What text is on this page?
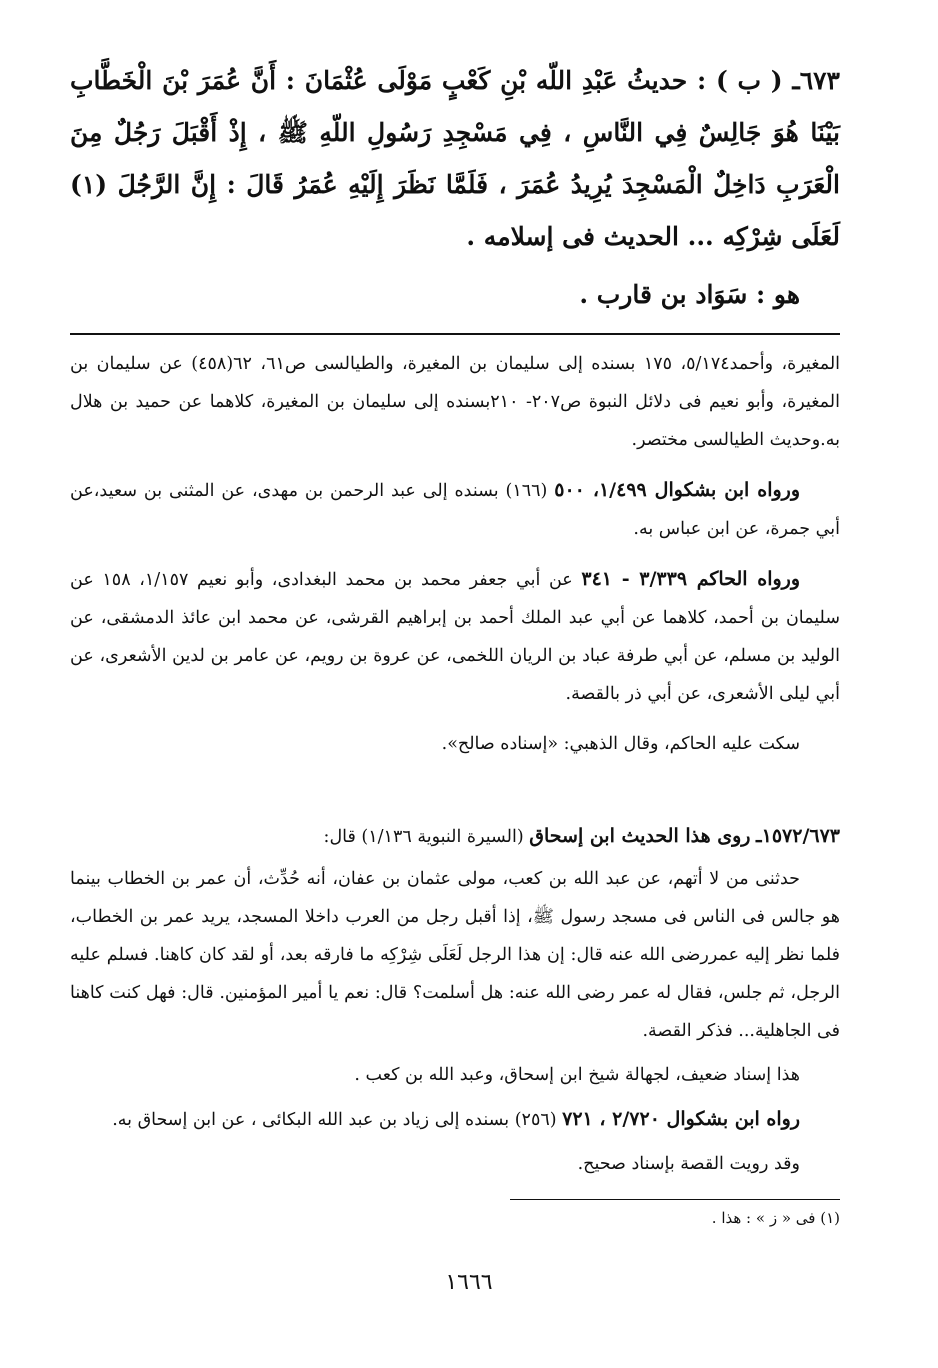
٦٧٣ـ ( ب ) : حديثُ عَبْدِ اللّه بْنِ كَعْبٍ مَوْلَى عُثْمَانَ : أَنَّ عُمَرَ بْنَ الْخَطَّابِ بَيْنَا هُوَ جَالِسٌ فِي النَّاسِ ، فِي مَسْجِدِ رَسُولِ اللّهِ ﷺ ، إِذْ أَقْبَلَ رَجُلٌ مِنَ الْعَرَبِ دَاخِلٌ الْمَسْجِدَ يُرِيدُ عُمَرَ ، فَلَمَّا نَظَرَ إِلَيْهِ عُمَرُ قَالَ : إِنَّ الرَّجُلَ (١) لَعَلَى شِرْكِه ... الحديث فى إسلامه .
هو : سَوَاد بن قارب .

المغيرة، وأحمد٥/١٧٤، ١٧٥ بسنده إلى سليمان بن المغيرة، والطيالسى ص٦١، ٦٢(٤٥٨) عن سليمان بن المغيرة، وأبو نعيم فى دلائل النبوة ص٢٠٧- ٢١٠بسنده إلى سليمان بن المغيرة، كلاهما عن حميد بن هلال به.وحديث الطيالسى مختصر.

ورواه ابن بشكوال ١/٤٩٩، ٥٠٠ (١٦٦) بسنده إلى عبد الرحمن بن مهدى، عن المثنى بن سعيد،عن أبي جمرة، عن ابن عباس به.

ورواه الحاكم ٣/٣٣٩ - ٣٤١ عن أبي جعفر محمد بن محمد البغدادى، وأبو نعيم ١/١٥٧، ١٥٨ عن سليمان بن أحمد، كلاهما عن أبي عبد الملك أحمد بن إبراهيم القرشى، عن محمد ابن عائذ الدمشقى، عن الوليد بن مسلم، عن أبي طرفة عباد بن الريان اللخمى، عن عروة بن رويم، عن عامر بن لدين الأشعرى، عن أبي ليلى الأشعرى، عن أبي ذر بالقصة.

سكت عليه الحاكم، وقال الذهبي: «إسناده صالح».

١٥٧٢/٦٧٣ـ روى هذا الحديث ابن إسحاق (السيرة النبوية ١/١٣٦) قال:

حدثنى من لا أتهم، عن عبد الله بن كعب، مولى عثمان بن عفان، أنه حُدِّث، أن عمر بن الخطاب بينما هو جالس فى الناس فى مسجد رسول ﷺ، إذا أقبل رجل من العرب داخلا المسجد، يريد عمر بن الخطاب، فلما نظر إليه عمررضى الله عنه قال: إن هذا الرجل لَعَلَى شِرْكِه ما فارقه بعد، أو لقد كان كاهنا. فسلم عليه الرجل، ثم جلس، فقال له عمر رضى الله عنه: هل أسلمت؟ قال: نعم يا أمير المؤمنين. قال: فهل كنت كاهنا فى الجاهلية... فذكر القصة.

هذا إسناد ضعيف، لجهالة شيخ ابن إسحاق، وعبد الله بن كعب .

رواه ابن بشكوال ٢/٧٢٠ ، ٧٢١ (٢٥٦) بسنده إلى زياد بن عبد الله البكائى ، عن ابن إسحاق به.

وقد رويت القصة بإسناد صحيح.

(١) فى « ز » : هذا .
١٦٦٦
